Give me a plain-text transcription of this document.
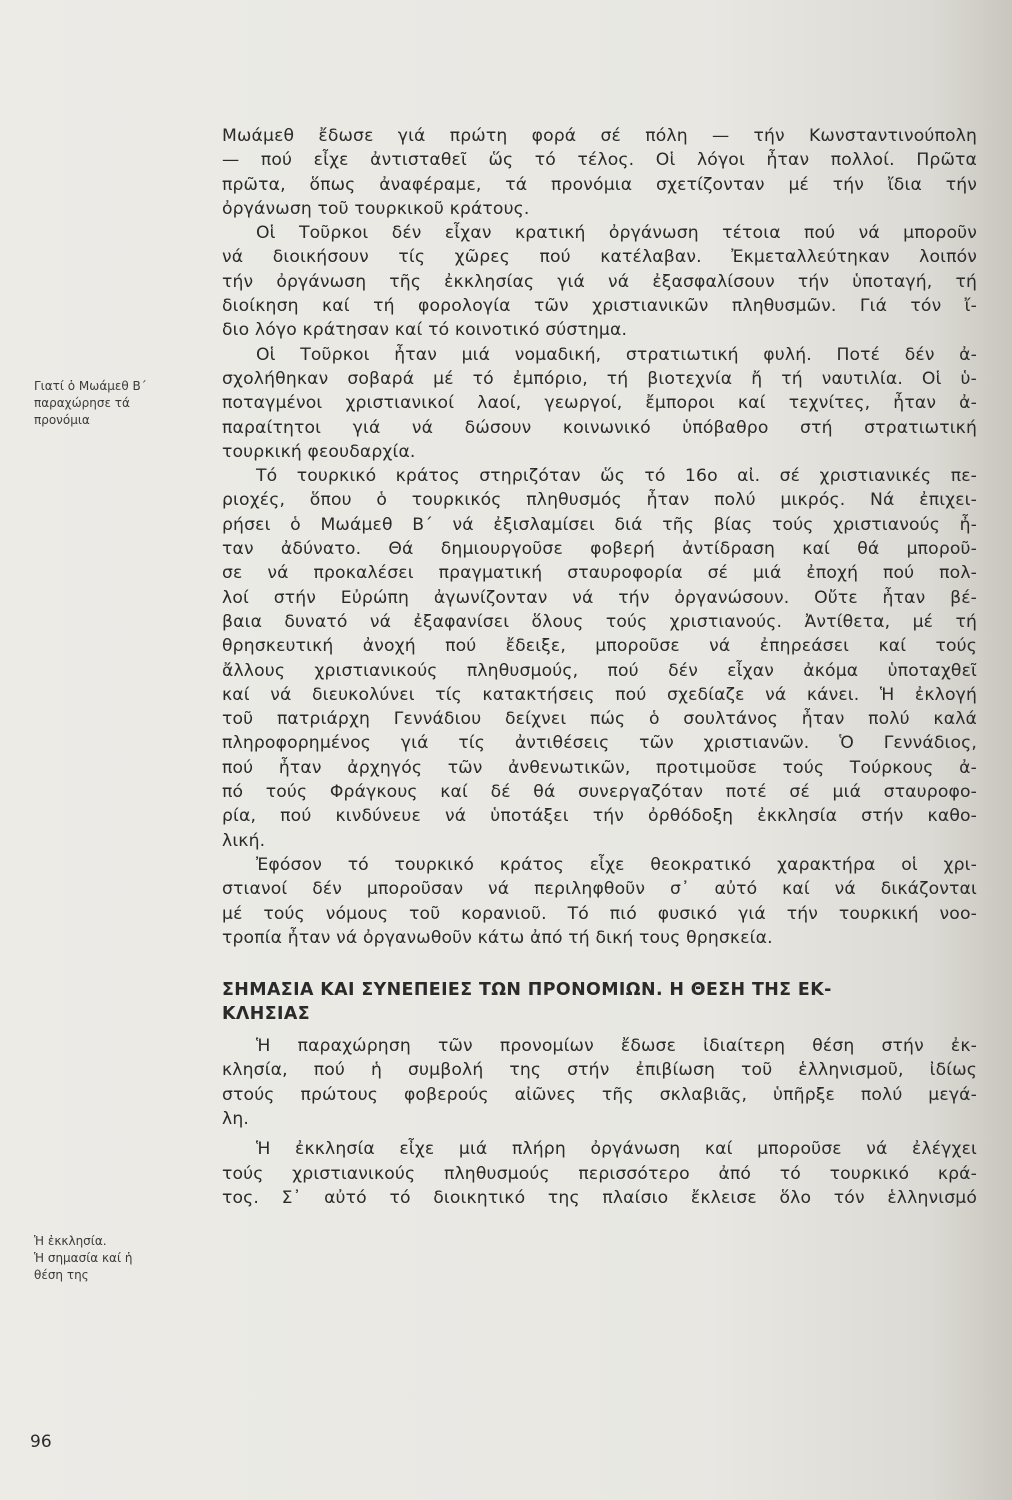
Γιατί ὁ Μωάμεθ Β΄
παραχώρησε τά
προνόμια
Ἡ ἐκκλησία.
Ἡ σημασία καί ἡ
θέση της

Μωάμεθ ἔδωσε γιά πρώτη φορά σέ πόλη — τήν Κωνσταντινούπολη
— πού εἶχε ἀντισταθεῖ ὥς τό τέλος. Οἱ λόγοι ἦταν πολλοί. Πρῶτα
πρῶτα, ὅπως ἀναφέραμε, τά προνόμια σχετίζονταν μέ τήν ἴδια τήν
ὀργάνωση τοῦ τουρκικοῦ κράτους.

Οἱ Τοῦρκοι δέν εἶχαν κρατική ὀργάνωση τέτοια πού νά μποροῦν
νά διοικήσουν τίς χῶρες πού κατέλαβαν. Ἐκμεταλλεύτηκαν λοιπόν
τήν ὀργάνωση τῆς ἐκκλησίας γιά νά ἐξασφαλίσουν τήν ὑποταγή, τή
διοίκηση καί τή φορολογία τῶν χριστιανικῶν πληθυσμῶν. Γιά τόν ἴ-
διο λόγο κράτησαν καί τό κοινοτικό σύστημα.

Οἱ Τοῦρκοι ἦταν μιά νομαδική, στρατιωτική φυλή. Ποτέ δέν ἀ-
σχολήθηκαν σοβαρά μέ τό ἐμπόριο, τή βιοτεχνία ἤ τή ναυτιλία. Οἱ ὑ-
ποταγμένοι χριστιανικοί λαοί, γεωργοί, ἔμποροι καί τεχνίτες, ἦταν ἀ-
παραίτητοι γιά νά δώσουν κοινωνικό ὑπόβαθρο στή στρατιωτική
τουρκική φεουδαρχία.

Τό τουρκικό κράτος στηριζόταν ὥς τό 16ο αἰ. σέ χριστιανικές πε-
ριοχές, ὅπου ὁ τουρκικός πληθυσμός ἦταν πολύ μικρός. Νά ἐπιχει-
ρήσει ὁ Μωάμεθ Β΄ νά ἐξισλαμίσει διά τῆς βίας τούς χριστιανούς ἦ-
ταν ἀδύνατο. Θά δημιουργοῦσε φοβερή ἀντίδραση καί θά μποροῦ-
σε νά προκαλέσει πραγματική σταυροφορία σέ μιά ἐποχή πού πολ-
λοί στήν Εὐρώπη ἀγωνίζονταν νά τήν ὀργανώσουν. Οὔτε ἦταν βέ-
βαια δυνατό νά ἐξαφανίσει ὅλους τούς χριστιανούς. Ἀντίθετα, μέ τή
θρησκευτική ἀνοχή πού ἔδειξε, μποροῦσε νά ἐπηρεάσει καί τούς
ἄλλους χριστιανικούς πληθυσμούς, πού δέν εἶχαν ἀκόμα ὑποταχθεῖ
καί νά διευκολύνει τίς κατακτήσεις πού σχεδίαζε νά κάνει. Ἡ ἐκλογή
τοῦ πατριάρχη Γεννάδιου δείχνει πώς ὁ σουλτάνος ἦταν πολύ καλά
πληροφορημένος γιά τίς ἀντιθέσεις τῶν χριστιανῶν. Ὁ Γεννάδιος,
πού ἦταν ἀρχηγός τῶν ἀνθενωτικῶν, προτιμοῦσε τούς Τούρκους ἀ-
πό τούς Φράγκους καί δέ θά συνεργαζόταν ποτέ σέ μιά σταυροφο-
ρία, πού κινδύνευε νά ὑποτάξει τήν ὀρθόδοξη ἐκκλησία στήν καθο-
λική.

Ἐφόσον τό τουρκικό κράτος εἶχε θεοκρατικό χαρακτήρα οἱ χρι-
στιανοί δέν μποροῦσαν νά περιληφθοῦν σ᾿ αὐτό καί νά δικάζονται
μέ τούς νόμους τοῦ κορανιοῦ. Τό πιό φυσικό γιά τήν τουρκική νοο-
τροπία ἦταν νά ὀργανωθοῦν κάτω ἀπό τή δική τους θρησκεία.

ΣΗΜΑΣΙΑ ΚΑΙ ΣΥΝΕΠΕΙΕΣ ΤΩΝ ΠΡΟΝΟΜΙΩΝ. Η ΘΕΣΗ ΤΗΣ ΕΚ-
ΚΛΗΣΙΑΣ

Ἡ παραχώρηση τῶν προνομίων ἔδωσε ἰδιαίτερη θέση στήν ἐκ-
κλησία, πού ἡ συμβολή της στήν ἐπιβίωση τοῦ ἑλληνισμοῦ, ἰδίως
στούς πρώτους φοβερούς αἰῶνες τῆς σκλαβιᾶς, ὑπῆρξε πολύ μεγά-
λη.

Ἡ ἐκκλησία εἶχε μιά πλήρη ὀργάνωση καί μποροῦσε νά ἐλέγχει
τούς χριστιανικούς πληθυσμούς περισσότερο ἀπό τό τουρκικό κρά-
τος. Σ᾿ αὐτό τό διοικητικό της πλαίσιο ἔκλεισε ὅλο τόν ἑλληνισμό

96
